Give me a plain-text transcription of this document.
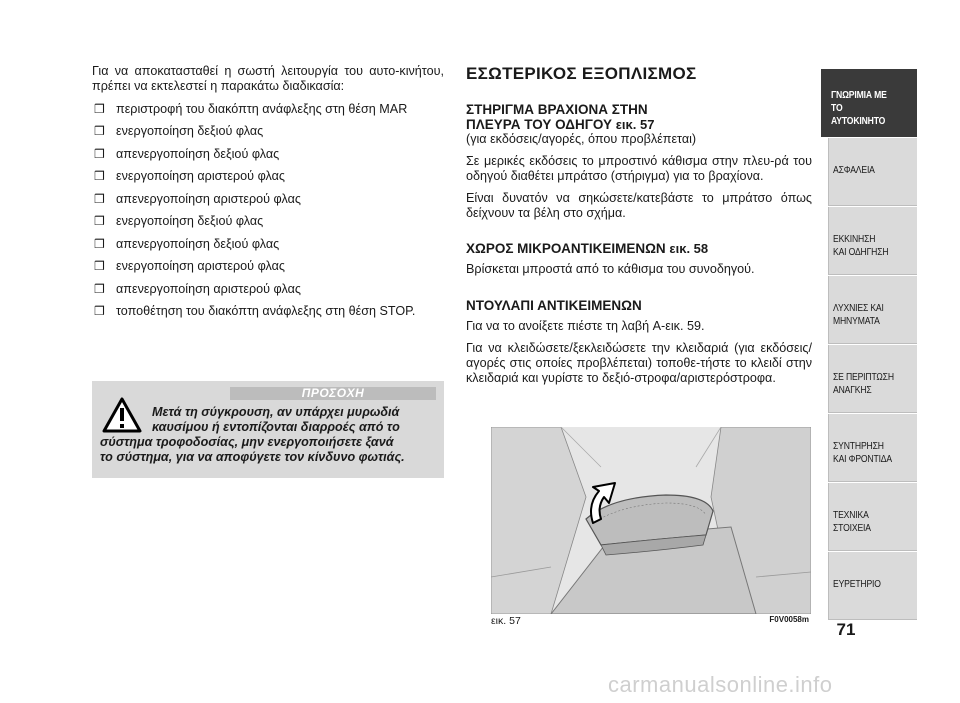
Για να αποκατασταθεί η σωστή λειτουργία του αυτο-κινήτου, πρέπει να εκτελεστεί η παρακάτω διαδικασία:

❒ περιστροφή του διακόπτη ανάφλεξης στη θέση MAR
❒ ενεργοποίηση δεξιού φλας
❒ απενεργοποίηση δεξιού φλας
❒ ενεργοποίηση αριστερού φλας
❒ απενεργοποίηση αριστερού φλας
❒ ενεργοποίηση δεξιού φλας
❒ απενεργοποίηση δεξιού φλας
❒ ενεργοποίηση αριστερού φλας
❒ απενεργοποίηση αριστερού φλας
❒ τοποθέτηση του διακόπτη ανάφλεξης στη θέση STOP.
ΠΡΟΣΟΧΗ
Μετά τη σύγκρουση, αν υπάρχει μυρωδιά
καυσίμου ή εντοπίζονται διαρροές από το
σύστημα τροφοδοσίας, μην ενεργοποιήσετε ξανά
το σύστημα, για να αποφύγετε τον κίνδυνο φωτιάς.
ΕΣΩΤΕΡΙΚΟΣ ΕΞΟΠΛΙΣΜΟΣ
ΣΤΗΡΙΓΜΑ ΒΡΑΧΙΟΝΑ ΣΤΗΝ
ΠΛΕΥΡΑ ΤΟΥ ΟΔΗΓΟΥ εικ. 57

(για εκδόσεις/αγορές, όπου προβλέπεται)

Σε μερικές εκδόσεις το μπροστινό κάθισμα στην πλευ-ρά του οδηγού διαθέτει μπράτσο (στήριγμα) για το βραχίονα.

Είναι δυνατόν να σηκώσετε/κατεβάστε το μπράτσο όπως δείχνουν τα βέλη στο σχήμα.

ΧΩΡΟΣ ΜΙΚΡΟΑΝΤΙΚΕΙΜΕΝΩΝ εικ. 58

Βρίσκεται μπροστά από το κάθισμα του συνοδηγού.

ΝΤΟΥΛΑΠΙ ΑΝΤΙΚΕΙΜΕΝΩΝ

Για να το ανοίξετε πιέστε τη λαβή A-εικ. 59.

Για να κλειδώσετε/ξεκλειδώσετε την κλειδαριά (για εκδόσεις/αγορές στις οποίες προβλέπεται) τοποθε-τήστε το κλειδί στην κλειδαριά και γυρίστε το δεξιό-στροφα/αριστερόστροφα.

εικ. 57	F0V0058m
ΓΝΩΡΙΜΙΑ ΜΕ
ΤΟ ΑΥΤΟΚΙΝΗΤΟ
ΑΣΦΑΛΕΙΑ
ΕΚΚΙΝΗΣΗ
ΚΑΙ ΟΔΗΓΗΣΗ
ΛΥΧΝΙΕΣ ΚΑΙ
ΜΗΝΥΜΑΤΑ
ΣΕ ΠΕΡΙΠΤΩΣΗ
ΑΝΑΓΚΗΣ
ΣΥΝΤΗΡΗΣΗ
ΚΑΙ ΦΡΟΝΤΙΔΑ
ΤΕΧΝΙΚΑ
ΣΤΟΙΧΕΙΑ
ΕΥΡΕΤΗΡΙΟ
71
carmanualsonline.info
